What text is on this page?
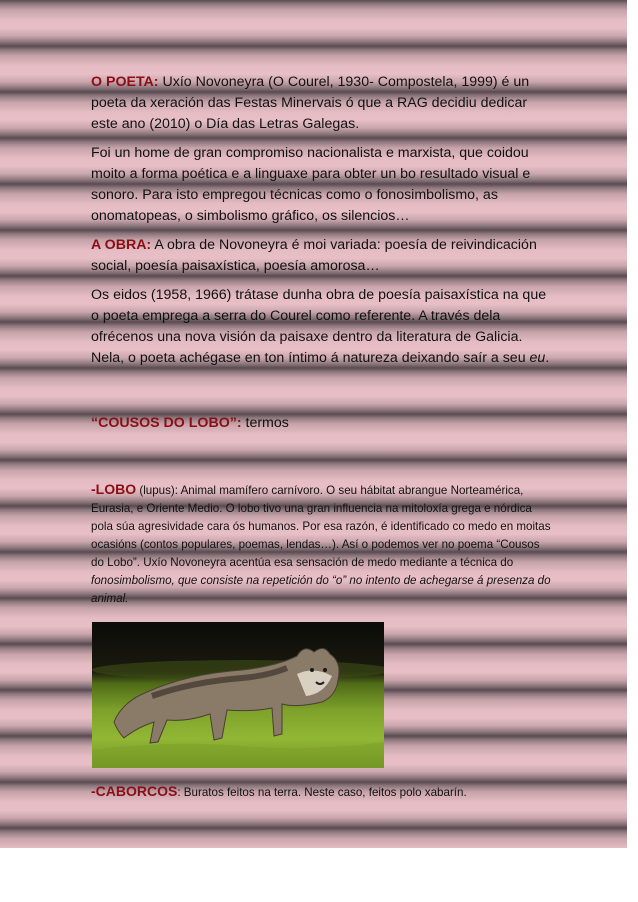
O POETA: Uxío Novoneyra (O Courel, 1930- Compostela, 1999) é un poeta da xeración das Festas Minervais ó que a RAG decidiu dedicar este ano (2010) o Día das Letras Galegas.

Foi un home de gran compromiso nacionalista e marxista, que coidou moito a forma poética e a linguaxe para obter un bo resultado visual e sonoro. Para isto empregou técnicas como o fonosimbolismo, as onomatopeas, o simbolismo gráfico, os silencios…

A OBRA: A obra de Novoneyra é moi variada: poesía de reivindicación social, poesía paisaxística, poesía amorosa…

Os eidos (1958, 1966) trátase dunha obra de poesía paisaxística na que o poeta emprega a serra do Courel como referente. A través dela ofrécenos una nova visión da paisaxe dentro da literatura de Galicia. Nela, o poeta achégase en ton íntimo á natureza deixando saír a seu eu.

“COUSOS DO LOBO”: termos

-LOBO (lupus): Animal mamífero carnívoro. O seu hábitat abrangue Norteamérica, Eurasia, e Oriente Medio. O lobo tivo una gran influencia na mitoloxía grega e nórdica pola súa agresividade cara ós humanos. Por esa razón, é identificado co medo en moitas ocasións (contos populares, poemas, lendas…). Así o podemos ver no poema “Cousos do Lobo”. Uxío Novoneyra acentúa esa sensación de medo mediante a técnica do fonosimbolismo, que consiste na repetición do “o” no intento de achegarse á presenza do animal.

-CABORCOS: Buratos feitos na terra. Neste caso, feitos polo xabarín.
